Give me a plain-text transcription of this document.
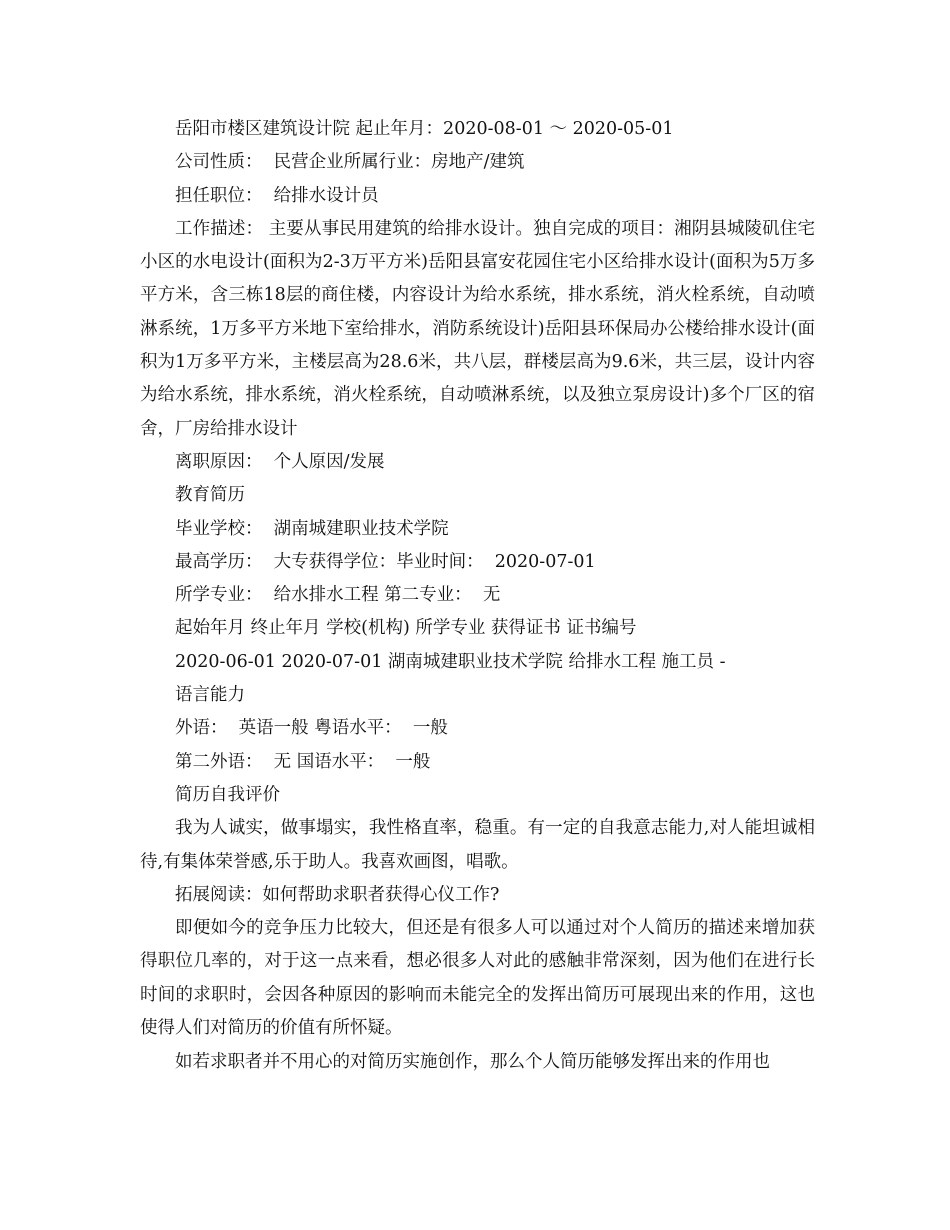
岳阳市楼区建筑设计院 起止年月：2020-08-01 ～ 2020-05-01

公司性质：  民营企业所属行业：房地产/建筑

担任职位：  给排水设计员

工作描述： 主要从事民用建筑的给排水设计。独自完成的项目：湘阴县城陵矶住宅小区的水电设计(面积为2-3万平方米)岳阳县富安花园住宅小区给排水设计(面积为5万多平方米，含三栋18层的商住楼，内容设计为给水系统，排水系统，消火栓系统，自动喷淋系统，1万多平方米地下室给排水，消防系统设计)岳阳县环保局办公楼给排水设计(面积为1万多平方米，主楼层高为28.6米，共八层，群楼层高为9.6米，共三层，设计内容为给水系统，排水系统，消火栓系统，自动喷淋系统，以及独立泵房设计)多个厂区的宿舍，厂房给排水设计

离职原因：  个人原因/发展

教育简历

毕业学校：  湖南城建职业技术学院

最高学历：  大专获得学位：毕业时间：  2020-07-01

所学专业：  给水排水工程 第二专业：  无

起始年月 终止年月 学校(机构) 所学专业 获得证书 证书编号

2020-06-01 2020-07-01 湖南城建职业技术学院 给排水工程 施工员 -

语言能力

外语：  英语一般 粤语水平：  一般

第二外语：  无 国语水平：  一般

简历自我评价

我为人诚实，做事塌实，我性格直率，稳重。有一定的自我意志能力,对人能坦诚相待,有集体荣誉感,乐于助人。我喜欢画图，唱歌。

拓展阅读：如何帮助求职者获得心仪工作?

即便如今的竞争压力比较大，但还是有很多人可以通过对个人简历的描述来增加获得职位几率的，对于这一点来看，想必很多人对此的感触非常深刻，因为他们在进行长时间的求职时，会因各种原因的影响而未能完全的发挥出简历可展现出来的作用，这也使得人们对简历的价值有所怀疑。

如若求职者并不用心的对简历实施创作，那么个人简历能够发挥出来的作用也
